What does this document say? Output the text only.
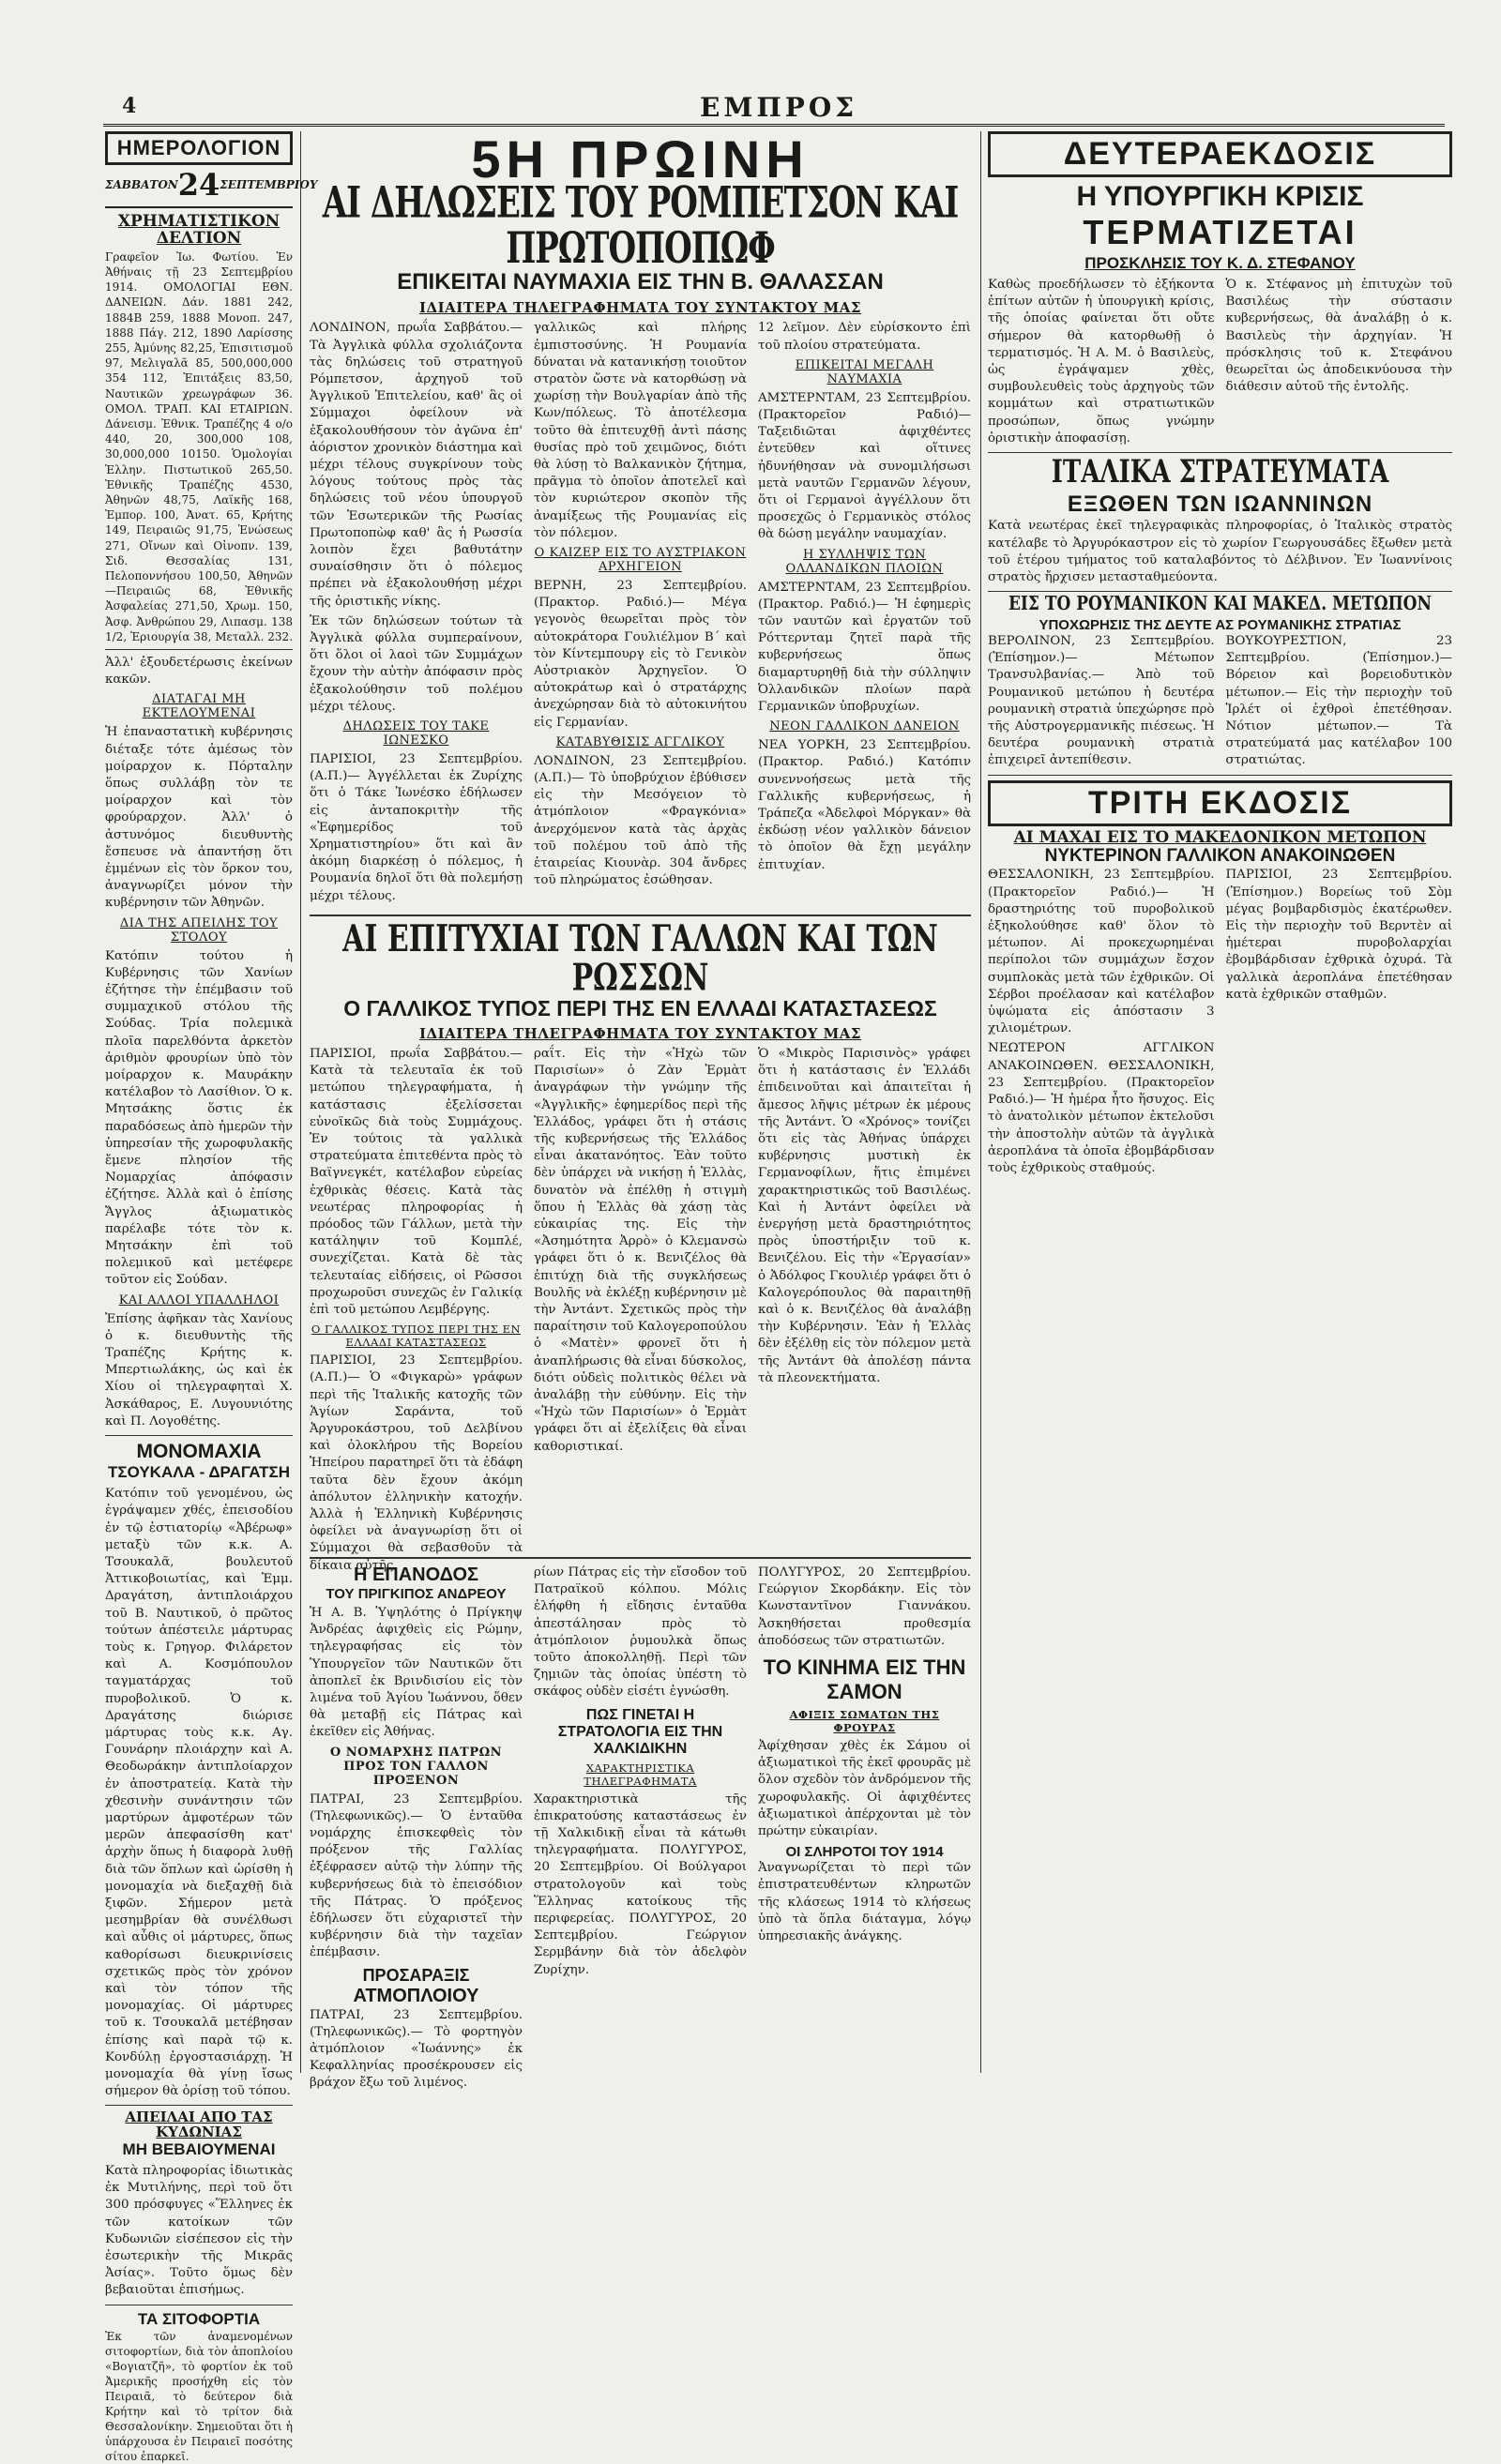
4	ΕΜΠΡΟΣ
ΗΜΕΡΟΛΟΓΙΟΝ
ΣΑΒΒΑΤΟΝ 24 ΣΕΠΤΕΜΒΡΙΟΥ
ΧΡΗΜΑΤΙΣΤΙΚΟΝ ΔΕΛΤΙΟΝ
Γραφεῖον Ἰω. Φωτίου. Ἐν Ἀθήναις τῇ 23 Σεπτεμβρίου 1914. ΟΜΟΛΟΓΙΑΙ ΕΘΝ. ΔΑΝΕΙΩΝ. Δάν. 1881 242, 1884Β 259, 1888 Μονοπ. 247, 1888 Πάγ. 212, 1890 Λαρίσσης 255, Ἀμύνης 82,25, Ἐπισιτισμοῦ 97, Μελιγαλᾶ 85, 500,000,000 354 112, Ἐπιτάξεις 83,50, Ναυτικῶν χρεωγράφων 36. ΟΜΟΛ. ΤΡΑΠ. ΚΑΙ ΕΤΑΙΡΙΩΝ. Δάνεισμ. Ἐθνικ. Τραπέζης 4 ο/ο 440, 20, 300,000 108, 30,000,000 10150. Ὁμολογίαι Ἑλλην. Πιστωτικοῦ 265,50. Ἐθνικῆς Τραπέζης 4530, Ἀθηνῶν 48,75, Λαϊκῆς 168, Ἐμπορ. 100, Ἀνατ. 65, Κρήτης 149, Πειραιῶς 91,75, Ἑνώσεως 271, Οἴνων καὶ Οἰνοπν. 139, Σιδ. Θεσσαλίας 131, Πελοποννήσου 100,50, Ἀθηνῶν—Πειραιῶς 68, Ἐθνικῆς Ἀσφαλείας 271,50, Χρωμ. 150, Ἀσφ. Ἀνθρώπου 29, Λιπασμ. 138 1/2, Ἐριουργία 38, Μεταλλ. 232.
Ἀλλ' ἐξουδετέρωσις ἐκείνων κακῶν.
ΔΙΑΤΑΓΑΙ ΜΗ ΕΚΤΕΛΟΥΜΕΝΑΙ
Ἡ ἐπαναστατικὴ κυβέρνησις διέταξε τότε ἀμέσως τὸν μοίραρχον κ. Πόρταλην ὅπως συλλάβῃ τὸν τε μοίραρχον καὶ τὸν φρούραρχον. Ἀλλ' ὁ ἀστυνόμος διευθυντὴς ἔσπευσε νὰ ἀπαντήσῃ ὅτι ἐμμένων εἰς τὸν ὅρκον του, ἀναγνωρίζει μόνον τὴν κυβέρνησιν τῶν Ἀθηνῶν.
ΔΙΑ ΤΗΣ ΑΠΕΙΛΗΣ ΤΟΥ ΣΤΟΛΟΥ
Κατόπιν τούτου ἡ Κυβέρνησις τῶν Χανίων ἐζήτησε τὴν ἐπέμβασιν τοῦ συμμαχικοῦ στόλου τῆς Σούδας. Τρία πολεμικὰ πλοῖα παρελθόντα ἀρκετὸν ἀριθμὸν φρουρίων ὑπὸ τὸν μοίραρχον κ. Μαυράκην κατέλαβον τὸ Λασίθιον. Ὁ κ. Μητσάκης ὅστις ἐκ παραδόσεως ἀπὸ ἡμερῶν τὴν ὑπηρεσίαν τῆς χωροφυλακῆς ἔμενε πλησίον τῆς Νομαρχίας ἀπόφασιν ἐζήτησε. Ἀλλὰ καὶ ὁ ἐπίσης Ἄγγλος ἀξιωματικὸς παρέλαβε τότε τὸν κ. Μητσάκην ἐπὶ τοῦ πολεμικοῦ καὶ μετέφερε τοῦτον εἰς Σούδαν.
ΚΑΙ ΑΛΛΟΙ ΥΠΑΛΛΗΛΟΙ
Ἐπίσης ἀφῆκαν τὰς Χανίους ὁ κ. διευθυντὴς τῆς Τραπέζης Κρήτης κ. Μπερτιωλάκης, ὡς καὶ ἐκ Χίου οἱ τηλεγραφηταὶ Χ. Ἀσκάθαρος, Ε. Λυγουνιότης καὶ Π. Λογοθέτης.
ΜΟΝΟΜΑΧΙΑ
ΤΣΟΥΚΑΛΑ - ΔΡΑΓΑΤΣΗ
Κατόπιν τοῦ γενομένου, ὡς ἐγράψαμεν χθές, ἐπεισοδίου ἐν τῷ ἑστιατορίῳ «Ἀβέρωφ» μεταξὺ τῶν κ.κ. Α. Τσουκαλᾶ, βουλευτοῦ Ἀττικοβοιωτίας, καὶ Ἐμμ. Δραγάτση, ἀντιπλοιάρχου τοῦ Β. Ναυτικοῦ, ὁ πρῶτος τούτων ἀπέστειλε μάρτυρας τοὺς κ. Γρηγορ. Φιλάρετον καὶ Α. Κοσμόπουλον ταγματάρχας τοῦ πυροβολικοῦ. Ὁ κ. Δραγάτσης διώρισε μάρτυρας τοὺς κ.κ. Αγ. Γουνάρην πλοιάρχην καὶ Α. Θεοδωράκην ἀντιπλοίαρχον ἐν ἀποστρατείᾳ. Κατὰ τὴν χθεσινὴν συνάντησιν τῶν μαρτύρων ἀμφοτέρων τῶν μερῶν ἀπεφασίσθη κατ' ἀρχὴν ὅπως ἡ διαφορὰ λυθῇ διὰ τῶν ὅπλων καὶ ὡρίσθη ἡ μονομαχία νὰ διεξαχθῇ διὰ ξιφῶν. Σήμερον μετὰ μεσημβρίαν θὰ συνέλθωσι καὶ αὖθις οἱ μάρτυρες, ὅπως καθορίσωσι διευκρινίσεις σχετικῶς πρὸς τὸν χρόνον καὶ τὸν τόπον τῆς μονομαχίας. Οἱ μάρτυρες τοῦ κ. Τσουκαλᾶ μετέβησαν ἐπίσης καὶ παρὰ τῷ κ. Κονδύλῃ ἐργοστασιάρχῃ. Ἡ μονομαχία θὰ γίνῃ ἴσως σήμερον θὰ ὁρίσῃ τοῦ τόπου.
ΑΠΕΙΛΑΙ ΑΠΟ ΤΑΣ ΚΥΔΩΝΙΑΣ
ΜΗ ΒΕΒΑΙΟΥΜΕΝΑΙ
Κατὰ πληροφορίας ἰδιωτικὰς ἐκ Μυτιλήνης, περὶ τοῦ ὅτι 300 πρόσφυγες «Ἕλληνες ἐκ τῶν κατοίκων τῶν Κυδωνιῶν εἰσέπεσον εἰς τὴν ἐσωτερικὴν τῆς Μικρᾶς Ἀσίας». Τοῦτο ὅμως δὲν βεβαιοῦται ἐπισήμως.
ΤΑ ΣΙΤΟΦΟΡΤΙΑ
Ἐκ τῶν ἀναμενομένων σιτοφορτίων, διὰ τὸν ἀποπλοίου «Βογιατζῆ», τὸ φορτίον ἐκ τοῦ Ἀμερικῆς προσήχθη εἰς τὸν Πειραιᾶ, τὸ δεύτερον διὰ Κρήτην καὶ τὸ τρίτον διὰ Θεσσαλονίκην. Σημειοῦται ὅτι ἡ ὑπάρχουσα ἐν Πειραιεῖ ποσότης σίτου ἐπαρκεῖ.
5Η ΠΡΩΙΝΗ
ΑΙ ΔΗΛΩΣΕΙΣ ΤΟΥ ΡΟΜΠΕΤΣΟΝ ΚΑΙ ΠΡΩΤΟΠΟΠΩΦ
ΕΠΙΚΕΙΤΑΙ ΝΑΥΜΑΧΙΑ ΕΙΣ ΤΗΝ Β. ΘΑΛΑΣΣΑΝ
ΙΔΙΑΙΤΕΡΑ ΤΗΛΕΓΡΑΦΗΜΑΤΑ ΤΟΥ ΣΥΝΤΑΚΤΟΥ ΜΑΣ
ΛΟΝΔΙΝΟΝ, πρωΐα Σαββάτου.— Τὰ Ἀγγλικὰ φύλλα σχολιάζοντα τὰς δηλώσεις τοῦ στρατηγοῦ Ρόμπετσον, ἀρχηγοῦ τοῦ Ἀγγλικοῦ Ἐπιτελείου, καθ' ἃς οἱ Σύμμαχοι ὀφείλουν νὰ ἐξακολουθήσουν τὸν ἀγῶνα ἐπ' ἀόριστον χρονικὸν διάστημα καὶ μέχρι τέλους συγκρίνουν τοὺς λόγους τούτους πρὸς τὰς δηλώσεις τοῦ νέου ὑπουργοῦ τῶν Ἐσωτερικῶν τῆς Ρωσίας Πρωτοποπὼφ καθ' ἃς ἡ Ρωσσία λοιπὸν ἔχει βαθυτάτην συναίσθησιν ὅτι ὁ πόλεμος πρέπει νὰ ἐξακολουθήσῃ μέχρι τῆς ὁριστικῆς νίκης.
Ἐκ τῶν δηλώσεων τούτων τὰ Ἀγγλικὰ φύλλα συμπεραίνουν, ὅτι ὅλοι οἱ λαοὶ τῶν Συμμάχων ἔχουν τὴν αὐτὴν ἀπόφασιν πρὸς ἐξακολούθησιν τοῦ πολέμου μέχρι τέλους.
ΔΗΛΩΣΕΙΣ ΤΟΥ ΤΑΚΕ ΙΩΝΕΣΚΟ
ΠΑΡΙΣΙΟΙ, 23 Σεπτεμβρίου. (Α.Π.)— Ἀγγέλλεται ἐκ Ζυρίχης ὅτι ὁ Τάκε Ἰωνέσκο ἐδήλωσεν εἰς ἀνταποκριτὴν τῆς «Ἐφημερίδος τοῦ Χρηματιστηρίου» ὅτι καὶ ἂν ἀκόμη διαρκέσῃ ὁ πόλεμος, ἡ Ρουμανία δηλοῖ ὅτι θὰ πολεμήσῃ μέχρι τέλους.
γαλλικῶς καὶ πλήρης ἐμπιστοσύνης. Ἡ Ρουμανία δύναται νὰ κατανικήσῃ τοιοῦτον στρατὸν ὥστε νὰ κατορθώσῃ νὰ χωρίσῃ τὴν Βουλγαρίαν ἀπὸ τῆς Κων/πόλεως. Τὸ ἀποτέλεσμα τοῦτο θὰ ἐπιτευχθῇ ἀντὶ πάσης θυσίας πρὸ τοῦ χειμῶνος, διότι θὰ λύσῃ τὸ Βαλκανικὸν ζήτημα, πρᾶγμα τὸ ὁποῖον ἀποτελεῖ καὶ τὸν κυριώτερον σκοπὸν τῆς ἀναμίξεως τῆς Ρουμανίας εἰς τὸν πόλεμον.
Ο ΚΑΙΖΕΡ ΕΙΣ ΤΟ ΑΥΣΤΡΙΑΚΟΝ ΑΡΧΗΓΕΙΟΝ
ΒΕΡΝΗ, 23 Σεπτεμβρίου. (Πρακτορ. Ραδιό.)— Μέγα γεγονὸς θεωρεῖται πρὸς τὸν αὐτοκράτορα Γουλιέλμον Β΄ καὶ τὸν Κίντεμπουργ εἰς τὸ Γενικὸν Αὐστριακὸν Ἀρχηγεῖον. Ὁ αὐτοκράτωρ καὶ ὁ στρατάρχης ἀνεχώρησαν διὰ τὸ αὐτοκινήτου εἰς Γερμανίαν.
ΚΑΤΑΒΥΘΙΣΙΣ ΑΓΓΛΙΚΟΥ
ΛΟΝΔΙΝΟΝ, 23 Σεπτεμβρίου. (Α.Π.)— Τὸ ὑποβρύχιον ἐβύθισεν εἰς τὴν Μεσόγειον τὸ ἀτμόπλοιον «Φραγκόνια» ἀνερχόμενον κατὰ τὰς ἀρχὰς τοῦ πολέμου τοῦ ἀπὸ τῆς ἑταιρείας Κιουνὰρ. 304 ἄνδρες τοῦ πληρώματος ἐσώθησαν.
12 λεῖμον. Δὲν εὑρίσκοντο ἐπὶ τοῦ πλοίου στρατεύματα.
ΕΠΙΚΕΙΤΑΙ ΜΕΓΑΛΗ ΝΑΥΜΑΧΙΑ
ΑΜΣΤΕΡΝΤΑΜ, 23 Σεπτεμβρίου. (Πρακτορεῖον Ραδιό)— Ταξειδιῶται ἀφιχθέντες ἐντεῦθεν καὶ οἵτινες ἠδυνήθησαν νὰ συνομιλήσωσι μετὰ ναυτῶν Γερμανῶν λέγουν, ὅτι οἱ Γερμανοὶ ἀγγέλλουν ὅτι προσεχῶς ὁ Γερμανικὸς στόλος θὰ δώσῃ μεγάλην ναυμαχίαν.
Η ΣΥΛΛΗΨΙΣ ΤΩΝ ΟΛΛΑΝΔΙΚΩΝ ΠΛΟΙΩΝ
ΑΜΣΤΕΡΝΤΑΜ, 23 Σεπτεμβρίου. (Πρακτορ. Ραδιό.)— Ἡ ἐφημερὶς τῶν ναυτῶν καὶ ἐργατῶν τοῦ Ρόττερνταμ ζητεῖ παρὰ τῆς κυβερνήσεως ὅπως διαμαρτυρηθῇ διὰ τὴν σύλληψιν Ὀλλανδικῶν πλοίων παρὰ Γερμανικῶν ὑποβρυχίων.
ΝΕΟΝ ΓΑΛΛΙΚΟΝ ΔΑΝΕΙΟΝ
ΝΕΑ ΥΟΡΚΗ, 23 Σεπτεμβρίου. (Πρακτορ. Ραδιό.) Κατόπιν συνεννοήσεως μετὰ τῆς Γαλλικῆς κυβερνήσεως, ἡ Τράπεζα «Ἀδελφοὶ Μόργκαν» θὰ ἐκδώσῃ νέον γαλλικὸν δάνειον τὸ ὁποῖον θὰ ἔχῃ μεγάλην ἐπιτυχίαν.
ΑΙ ΕΠΙΤΥΧΙΑΙ ΤΩΝ ΓΑΛΛΩΝ ΚΑΙ ΤΩΝ ΡΩΣΣΩΝ
Ο ΓΑΛΛΙΚΟΣ ΤΥΠΟΣ ΠΕΡΙ ΤΗΣ ΕΝ ΕΛΛΑΔΙ ΚΑΤΑΣΤΑΣΕΩΣ
ΙΔΙΑΙΤΕΡΑ ΤΗΛΕΓΡΑΦΗΜΑΤΑ ΤΟΥ ΣΥΝΤΑΚΤΟΥ ΜΑΣ
ΠΑΡΙΣΙΟΙ, πρωΐα Σαββάτου.— Κατὰ τὰ τελευταῖα ἐκ τοῦ μετώπου τηλεγραφήματα, ἡ κατάστασις ἐξελίσσεται εὐνοϊκῶς διὰ τοὺς Συμμάχους. Ἐν τούτοις τὰ γαλλικὰ στρατεύματα ἐπιτεθέντα πρὸς τὸ Βαϊγνεγκέτ, κατέλαβον εὐρείας ἐχθρικὰς θέσεις. Κατὰ τὰς νεωτέρας πληροφορίας ἡ πρόοδος τῶν Γάλλων, μετὰ τὴν κατάληψιν τοῦ Κομπλέ, συνεχίζεται. Κατὰ δὲ τὰς τελευταίας εἰδήσεις, οἱ Ρῶσσοι προχωροῦσι συνεχῶς ἐν Γαλικίᾳ ἐπὶ τοῦ μετώπου Λεμβέργης.
Ο ΓΑΛΛΙΚΟΣ ΤΥΠΟΣ ΠΕΡΙ ΤΗΣ ΕΝ ΕΛΛΑΔΙ ΚΑΤΑΣΤΑΣΕΩΣ
ΠΑΡΙΣΙΟΙ, 23 Σεπτεμβρίου. (Α.Π.)— Ὁ «Φιγκαρὼ» γράφων περὶ τῆς Ἰταλικῆς κατοχῆς τῶν Ἁγίων Σαράντα, τοῦ Ἀργυροκάστρου, τοῦ Δελβίνου καὶ ὁλοκλήρου τῆς Βορείου Ἠπείρου παρατηρεῖ ὅτι τὰ ἐδάφη ταῦτα δὲν ἔχουν ἀκόμη ἀπόλυτον ἑλληνικὴν κατοχήν. Ἀλλὰ ἡ Ἑλληνικὴ Κυβέρνησις ὀφείλει νὰ ἀναγνωρίσῃ ὅτι οἱ Σύμμαχοι θὰ σεβασθοῦν τὰ δίκαια αὐτῆς.
ραΐτ. Εἰς τὴν «Ἠχὼ τῶν Παρισίων» ὁ Ζὰν Ἐρμὰτ ἀναγράφων τὴν γνώμην τῆς «Ἀγγλικῆς» ἐφημερίδος περὶ τῆς Ἑλλάδος, γράφει ὅτι ἡ στάσις τῆς κυβερνήσεως τῆς Ἑλλάδος εἶναι ἀκατανόητος. Ἐὰν τοῦτο δὲν ὑπάρχει νὰ νικήσῃ ἡ Ἑλλὰς, δυνατὸν νὰ ἐπέλθῃ ἡ στιγμὴ ὅπου ἡ Ἑλλὰς θὰ χάσῃ τὰς εὐκαιρίας της. Εἰς τὴν «Ἀσημότητα Ἀρρὸ» ὁ Κλεμανσὼ γράφει ὅτι ὁ κ. Βενιζέλος θὰ ἐπιτύχῃ διὰ τῆς συγκλήσεως Βουλῆς νὰ ἐκλέξῃ κυβέρνησιν μὲ τὴν Ἀντάντ. Σχετικῶς πρὸς τὴν παραίτησιν τοῦ Καλογεροπούλου ὁ «Ματὲν» φρονεῖ ὅτι ἡ ἀναπλήρωσις θὰ εἶναι δύσκολος, διότι οὐδεὶς πολιτικὸς θέλει νὰ ἀναλάβῃ τὴν εὐθύνην. Εἰς τὴν «Ἠχὼ τῶν Παρισίων» ὁ Ἐρμὰτ γράφει ὅτι αἱ ἐξελίξεις θὰ εἶναι καθοριστικαί.
Ὁ «Μικρὸς Παρισινὸς» γράφει ὅτι ἡ κατάστασις ἐν Ἑλλάδι ἐπιδεινοῦται καὶ ἀπαιτεῖται ἡ ἄμεσος λῆψις μέτρων ἐκ μέρους τῆς Ἀντάντ. Ὁ «Χρόνος» τονίζει ὅτι εἰς τὰς Ἀθήνας ὑπάρχει κυβέρνησις μυστικὴ ἐκ Γερμανοφίλων, ἥτις ἐπιμένει χαρακτηριστικῶς τοῦ Βασιλέως. Καὶ ἡ Ἀντάντ ὀφείλει νὰ ἐνεργήσῃ μετὰ δραστηριότητος πρὸς ὑποστήριξιν τοῦ κ. Βενιζέλου. Εἰς τὴν «Ἐργασίαν» ὁ Ἀδόλφος Γκουλιέρ γράφει ὅτι ὁ Καλογερόπουλος θὰ παραιτηθῇ καὶ ὁ κ. Βενιζέλος θὰ ἀναλάβῃ τὴν Κυβέρνησιν. Ἐὰν ἡ Ἑλλὰς δὲν ἐξέλθῃ εἰς τὸν πόλεμον μετὰ τῆς Ἀντάντ θὰ ἀπολέσῃ πάντα τὰ πλεονεκτήματα.
Η ΕΠΑΝΟΔΟΣ
ΤΟΥ ΠΡΙΓΚΙΠΟΣ ΑΝΔΡΕΟΥ
Ἡ Α. Β. Ὑψηλότης ὁ Πρίγκηψ Ἀνδρέας ἀφιχθεὶς εἰς Ρώμην, τηλεγραφήσας εἰς τὸν Ὑπουργεῖον τῶν Ναυτικῶν ὅτι ἀποπλεῖ ἐκ Βρινδισίου εἰς τὸν λιμένα τοῦ Ἁγίου Ἰωάννου, ὅθεν θὰ μεταβῇ εἰς Πάτρας καὶ ἐκεῖθεν εἰς Ἀθήνας.
Ο ΝΟΜΑΡΧΗΣ ΠΑΤΡΩΝ ΠΡΟΣ ΤΟΝ ΓΑΛΛΟΝ ΠΡΟΞΕΝΟΝ
ΠΑΤΡΑΙ, 23 Σεπτεμβρίου. (Τηλεφωνικῶς).— Ὁ ἐνταῦθα νομάρχης ἐπισκεφθεὶς τὸν πρόξενον τῆς Γαλλίας ἐξέφρασεν αὐτῷ τὴν λύπην τῆς κυβερνήσεως διὰ τὸ ἐπεισόδιον τῆς Πάτρας. Ὁ πρόξενος ἐδήλωσεν ὅτι εὐχαριστεῖ τὴν κυβέρνησιν διὰ τὴν ταχεῖαν ἐπέμβασιν.
ΠΡΟΣΑΡΑΞΙΣ
ΑΤΜΟΠΛΟΙΟΥ
ΠΑΤΡΑΙ, 23 Σεπτεμβρίου. (Τηλεφωνικῶς).— Τὸ φορτηγὸν ἀτμόπλοιον «Ἰωάννης» ἐκ Κεφαλληνίας προσέκρουσεν εἰς βράχον ἔξω τοῦ λιμένος.
ρίων Πάτρας εἰς τὴν εἴσοδον τοῦ Πατραϊκοῦ κόλπου. Μόλις ἐλήφθη ἡ εἴδησις ἐνταῦθα ἀπεστάλησαν πρὸς τὸ ἀτμόπλοιον ῥυμουλκὰ ὅπως τοῦτο ἀποκολληθῇ. Περὶ τῶν ζημιῶν τὰς ὁποίας ὑπέστη τὸ σκάφος οὐδὲν εἰσέτι ἐγνώσθη.
ΠΩΣ ΓΙΝΕΤΑΙ Η ΣΤΡΑΤΟΛΟΓΙΑ ΕΙΣ ΤΗΝ ΧΑΛΚΙΔΙΚΗΝ
ΧΑΡΑΚΤΗΡΙΣΤΙΚΑ ΤΗΛΕΓΡΑΦΗΜΑΤΑ
Χαρακτηριστικὰ τῆς ἐπικρατούσης καταστάσεως ἐν τῇ Χαλκιδικῇ εἶναι τὰ κάτωθι τηλεγραφήματα. ΠΟΛΥΓΥΡΟΣ, 20 Σεπτεμβρίου. Οἱ Βούλγαροι στρατολογοῦν καὶ τοὺς Ἕλληνας κατοίκους τῆς περιφερείας. ΠΟΛΥΓΥΡΟΣ, 20 Σεπτεμβρίου. Γεώργιον Σερμβάνην διὰ τὸν ἀδελφὸν Ζυρίχην.
ΠΟΛΥΓΥΡΟΣ, 20 Σεπτεμβρίου. Γεώργιον Σκορδάκην. Εἰς τὸν Κωνσταντῖνον Γιαννάκου. Ἀσκηθήσεται προθεσμία ἀποδόσεως τῶν στρατιωτῶν.
ΤΟ ΚΙΝΗΜΑ ΕΙΣ ΤΗΝ ΣΑΜΟΝ
ΑΦΙΞΙΣ ΣΩΜΑΤΩΝ ΤΗΣ ΦΡΟΥΡΑΣ
Ἀφίχθησαν χθὲς ἐκ Σάμου οἱ ἀξιωματικοὶ τῆς ἐκεῖ φρουρᾶς μὲ ὅλον σχεδὸν τὸν ἀνδρόμενον τῆς χωροφυλακῆς. Οἱ ἀφιχθέντες ἀξιωματικοὶ ἀπέρχονται μὲ τὸν πρώτην εὐκαιρίαν.
ΟΙ ΣΛΗΡΟΤΟΙ ΤΟΥ 1914
Ἀναγνωρίζεται τὸ περὶ τῶν ἐπιστρατευθέντων κληρωτῶν τῆς κλάσεως 1914 τὸ κλήσεως ὑπὸ τὰ ὅπλα διάταγμα, λόγῳ ὑπηρεσιακῆς ἀνάγκης.
ΔΕΥΤΕΡΑΕΚΔΟΣΙΣ
Η ΥΠΟΥΡΓΙΚΗ ΚΡΙΣΙΣ
ΤΕΡΜΑΤΙΖΕΤΑΙ
ΠΡΟΣΚΛΗΣΙΣ ΤΟΥ Κ. Δ. ΣΤΕΦΑΝΟΥ
Καθὼς προεδήλωσεν τὸ ἐξήκοντα ἐπίτων αὐτῶν ἡ ὑπουργικὴ κρίσις, τῆς ὁποίας φαίνεται ὅτι οὔτε σήμερον θὰ κατορθωθῇ ὁ τερματισμός. Ἡ Α. Μ. ὁ Βασιλεὺς, ὡς ἐγράψαμεν χθὲς, συμβουλευθεὶς τοὺς ἀρχηγοὺς τῶν κομμάτων καὶ στρατιωτικῶν προσώπων, ὅπως γνώμην ὁριστικὴν ἀποφασίσῃ.
Ὁ κ. Στέφανος μὴ ἐπιτυχὼν τοῦ Βασιλέως τὴν σύστασιν κυβερνήσεως, θὰ ἀναλάβῃ ὁ κ. Βασιλεὺς τὴν ἀρχηγίαν. Ἡ πρόσκλησις τοῦ κ. Στεφάνου θεωρεῖται ὡς ἀποδεικνύουσα τὴν διάθεσιν αὐτοῦ τῆς ἐντολῆς.
ΙΤΑΛΙΚΑ ΣΤΡΑΤΕΥΜΑΤΑ
ΕΞΩΘΕΝ ΤΩΝ ΙΩΑΝΝΙΝΩΝ
Κατὰ νεωτέρας ἐκεῖ τηλεγραφικὰς πληροφορίας, ὁ Ἰταλικὸς στρατὸς κατέλαβε τὸ Ἀργυρόκαστρον εἰς τὸ χωρίον Γεωργουσάδες ἔξωθεν μετὰ τοῦ ἑτέρου τμήματος τοῦ καταλαβόντος τὸ Δέλβινον. Ἐν Ἰωαννίνοις στρατὸς ἤρχισεν μετασταθμεύοντα.
ΕΙΣ ΤΟ ΡΟΥΜΑΝΙΚΟΝ ΚΑΙ ΜΑΚΕΔ. ΜΕΤΩΠΟΝ
ΥΠΟΧΩΡΗΣΙΣ ΤΗΣ ΔΕΥΤΕ ΑΣ ΡΟΥΜΑΝΙΚΗΣ ΣΤΡΑΤΙΑΣ
ΒΕΡΟΛΙΝΟΝ, 23 Σεπτεμβρίου. (Ἐπίσημον.)— Μέτωπον Τρανσυλβανίας.— Ἀπὸ τοῦ Ρουμανικοῦ μετώπου ἡ δευτέρα ρουμανικὴ στρατιὰ ὑπεχώρησε πρὸ τῆς Αὐστρογερμανικῆς πιέσεως. Ἡ δευτέρα ρουμανικὴ στρατιὰ ἐπιχειρεῖ ἀντεπίθεσιν.
ΒΟΥΚΟΥΡΕΣΤΙΟΝ, 23 Σεπτεμβρίου. (Ἐπίσημον.)— Βόρειον καὶ βορειοδυτικὸν μέτωπον.— Εἰς τὴν περιοχὴν τοῦ Ἰρλέτ οἱ ἐχθροὶ ἐπετέθησαν. Νότιον μέτωπον.— Τὰ στρατεύματά μας κατέλαβον 100 στρατιώτας.
ΤΡΙΤΗ ΕΚΔΟΣΙΣ
ΑΙ ΜΑΧΑΙ ΕΙΣ ΤΟ ΜΑΚΕΔΟΝΙΚΟΝ ΜΕΤΩΠΟΝ
ΝΥΚΤΕΡΙΝΟΝ ΓΑΛΛΙΚΟΝ ΑΝΑΚΟΙΝΩΘΕΝ
ΘΕΣΣΑΛΟΝΙΚΗ, 23 Σεπτεμβρίου. (Πρακτορεῖον Ραδιό.)— Ἡ δραστηριότης τοῦ πυροβολικοῦ ἐξηκολούθησε καθ' ὅλον τὸ μέτωπον. Αἱ προκεχωρημέναι περίπολοι τῶν συμμάχων ἔσχον συμπλοκὰς μετὰ τῶν ἐχθρικῶν. Οἱ Σέρβοι προέλασαν καὶ κατέλαβον ὑψώματα εἰς ἀπόστασιν 3 χιλιομέτρων.
ΝΕΩΤΕΡΟΝ ΑΓΓΛΙΚΟΝ ΑΝΑΚΟΙΝΩΘΕΝ. ΘΕΣΣΑΛΟΝΙΚΗ, 23 Σεπτεμβρίου. (Πρακτορεῖον Ραδιό.)— Ἡ ἡμέρα ἦτο ἥσυχος. Εἰς τὸ ἀνατολικὸν μέτωπον ἐκτελοῦσι τὴν ἀποστολὴν αὐτῶν τὰ ἀγγλικὰ ἀεροπλάνα τὰ ὁποῖα ἐβομβάρδισαν τοὺς ἐχθρικοὺς σταθμούς.
ΠΑΡΙΣΙΟΙ, 23 Σεπτεμβρίου. (Ἐπίσημον.) Βορείως τοῦ Σὸμ μέγας βομβαρδισμὸς ἐκατέρωθεν. Εἰς τὴν περιοχὴν τοῦ Βερντὲν αἱ ἡμέτεραι πυροβολαρχίαι ἐβομβάρδισαν ἐχθρικὰ ὀχυρά. Τὰ γαλλικὰ ἀεροπλάνα ἐπετέθησαν κατὰ ἐχθρικῶν σταθμῶν.
